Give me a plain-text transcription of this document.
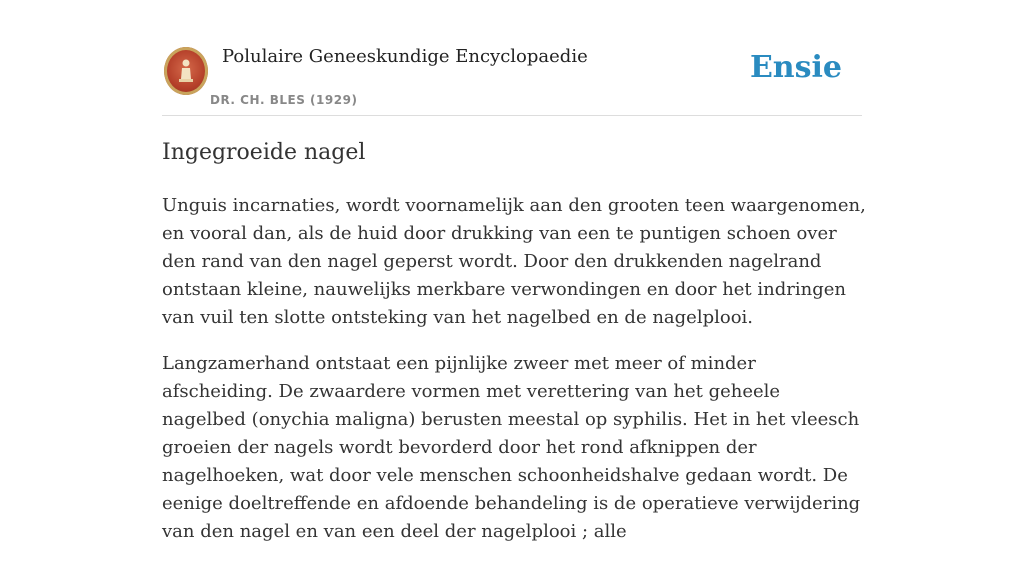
Polulaire Geneeskundige Encyclopaedie
DR. CH. BLES (1929)
Ensie
Ingegroeide nagel

Unguis incarnaties, wordt voornamelijk aan den grooten teen waargenomen, en vooral dan, als de huid door drukking van een te puntigen schoen over den rand van den nagel geperst wordt. Door den drukkenden nagelrand ontstaan kleine, nauwelijks merkbare verwondingen en door het indringen van vuil ten slotte ontsteking van het nagelbed en de nagelplooi.

Langzamerhand ontstaat een pijnlijke zweer met meer of minder afscheiding. De zwaardere vormen met verettering van het geheele nagelbed (onychia maligna) berusten meestal op syphilis. Het in het vleesch groeien der nagels wordt bevorderd door het rond afknippen der nagelhoeken, wat door vele menschen schoonheidshalve gedaan wordt. De eenige doeltreffende en afdoende behandeling is de operatieve verwijdering van den nagel en van een deel der nagelplooi ; alle
